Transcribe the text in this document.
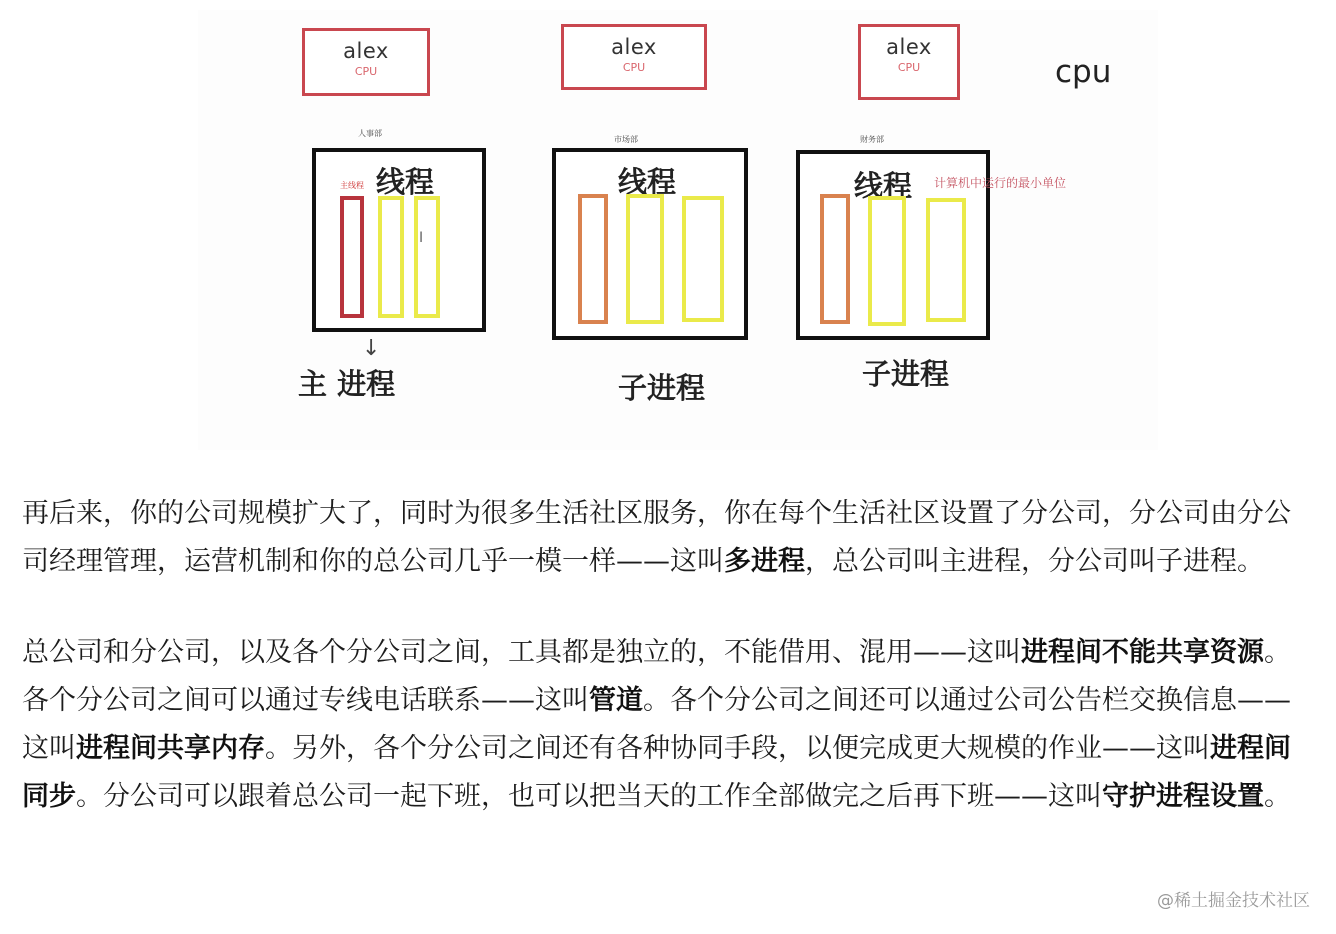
alex
CPU
alex
CPU
alex
CPU	cpu
人事部
主线程 线程
I
↓
主 进程
市场部
线程
子进程
财务部
线程 计算机中运行的最小单位
子进程

再后来，你的公司规模扩大了，同时为很多生活社区服务，你在每个生活社区设置了分公司，分公司由分公司经理管理，运营机制和你的总公司几乎一模一样——这叫多进程，总公司叫主进程，分公司叫子进程。

总公司和分公司，以及各个分公司之间，工具都是独立的，不能借用、混用——这叫进程间不能共享资源。各个分公司之间可以通过专线电话联系——这叫管道。各个分公司之间还可以通过公司公告栏交换信息——这叫进程间共享内存。另外，各个分公司之间还有各种协同手段，以便完成更大规模的作业——这叫进程间同步。分公司可以跟着总公司一起下班，也可以把当天的工作全部做完之后再下班——这叫守护进程设置。

@稀土掘金技术社区
